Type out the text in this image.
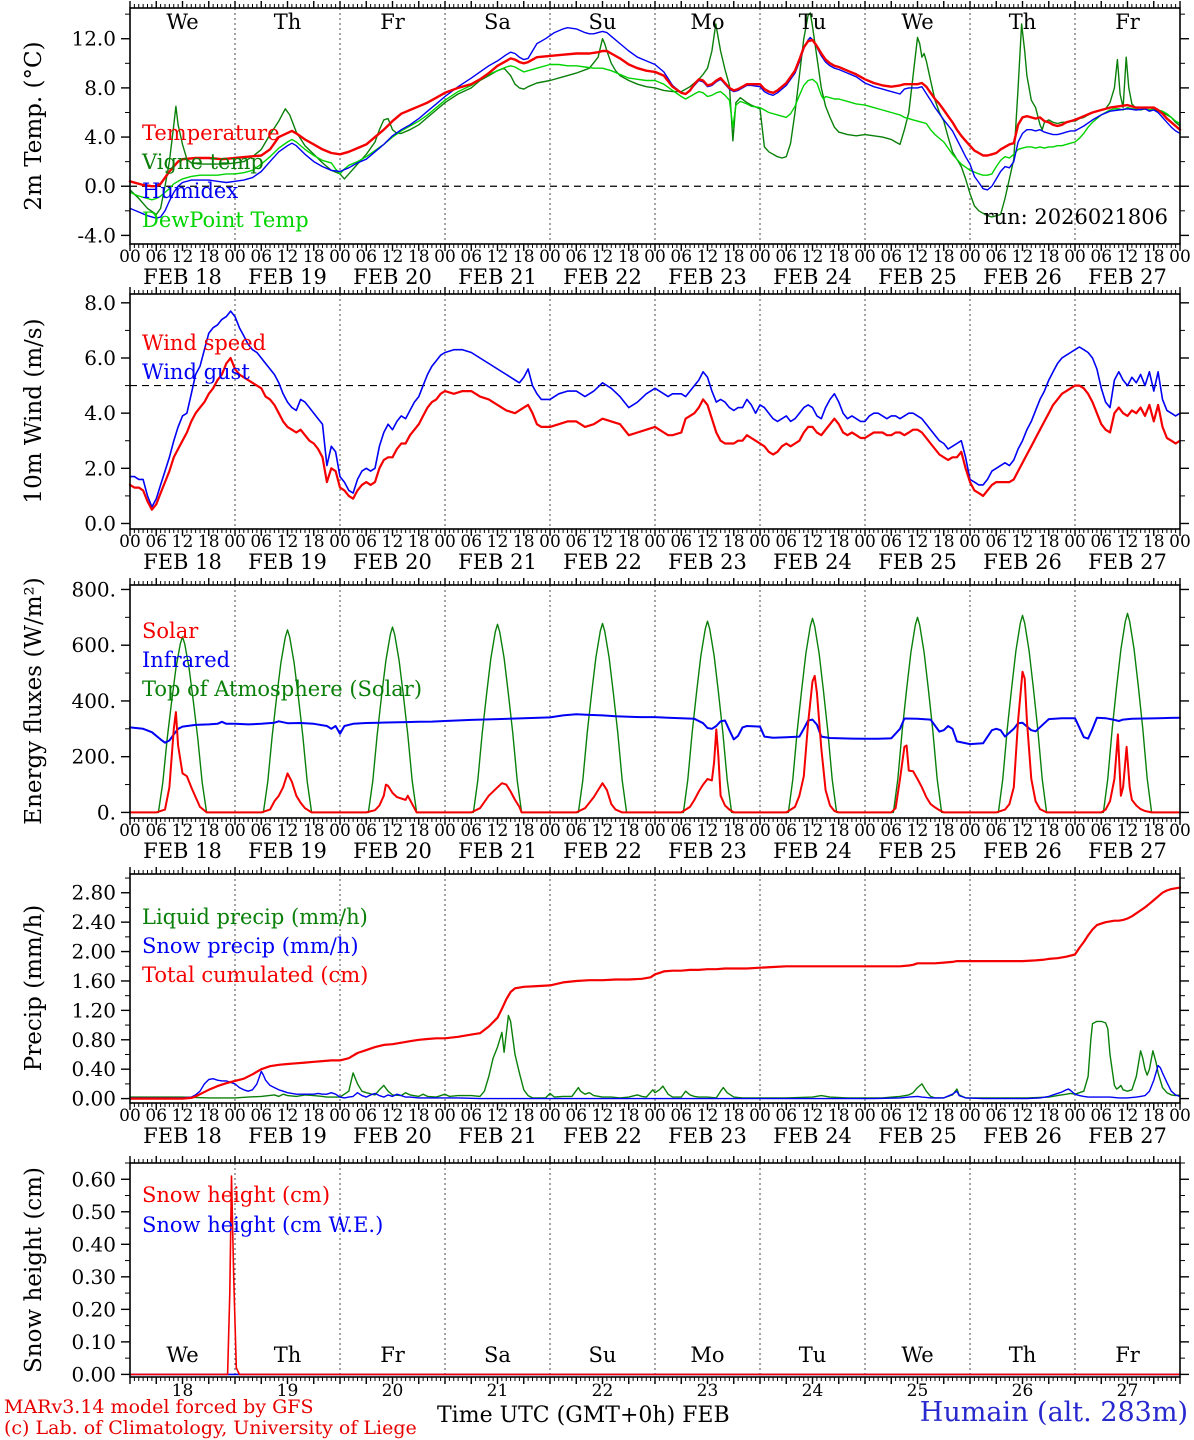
-4.0
0.0
4.0
8.0
12.0
00 06 12 18 00 06 12 18 00 06 12 18 00 06 12 18 00 06 12 18 00 06 12 18 00 06 12 18 00 06 12 18 00 06 12 18 00 06 12 18 00
FEB 18 FEB 19 FEB 20 FEB 21 FEB 22 FEB 23 FEB 24 FEB 25 FEB 26 FEB 27
We	Th	Fr	Sa	Su	Mo	Tu	We	Th	Fr
0.0
2.0
4.0
6.0
8.0
00 06 12 18 00 06 12 18 00 06 12 18 00 06 12 18 00 06 12 18 00 06 12 18 00 06 12 18 00 06 12 18 00 06 12 18 00 06 12 18 00
FEB 18 FEB 19 FEB 20 FEB 21 FEB 22 FEB 23 FEB 24 FEB 25 FEB 26 FEB 27
0.
200.
400.
600.
800.
00 06 12 18 00 06 12 18 00 06 12 18 00 06 12 18 00 06 12 18 00 06 12 18 00 06 12 18 00 06 12 18 00 06 12 18 00 06 12 18 00
FEB 18 FEB 19 FEB 20 FEB 21 FEB 22 FEB 23 FEB 24 FEB 25 FEB 26 FEB 27
0.00
0.40
0.80
1.20
1.60
2.00
2.40
2.80
00 06 12 18 00 06 12 18 00 06 12 18 00 06 12 18 00 06 12 18 00 06 12 18 00 06 12 18 00 06 12 18 00 06 12 18 00 06 12 18 00
FEB 18 FEB 19 FEB 20 FEB 21 FEB 22 FEB 23 FEB 24 FEB 25 FEB 26 FEB 27
0.00
0.10
0.20
0.30
0.40
0.50
0.60
We
18
Th
19
Fr
20
Sa
21
Su
22
Mo
23
Tu
24
We
25
Th
26
Fr
27
2m Temp. (°C)
10m Wind (m/s)
Energy fluxes (W/m²)
Precip (mm/h)
Snow height (cm)
Temperature
Vigne temp
Humidex
DewPoint Temp
Wind speed
Wind gust
Solar
Infrared
Top of Atmosphere (Solar)
Liquid precip (mm/h)
Snow precip (mm/h)
Total cumulated (cm)
Snow height (cm)
Snow height (cm W.E.)
run: 2026021806
MARv3.14 model forced by GFS
(c) Lab. of Climatology, University of Liege Time UTC (GMT+0h) FEB	Humain (alt. 283m)
